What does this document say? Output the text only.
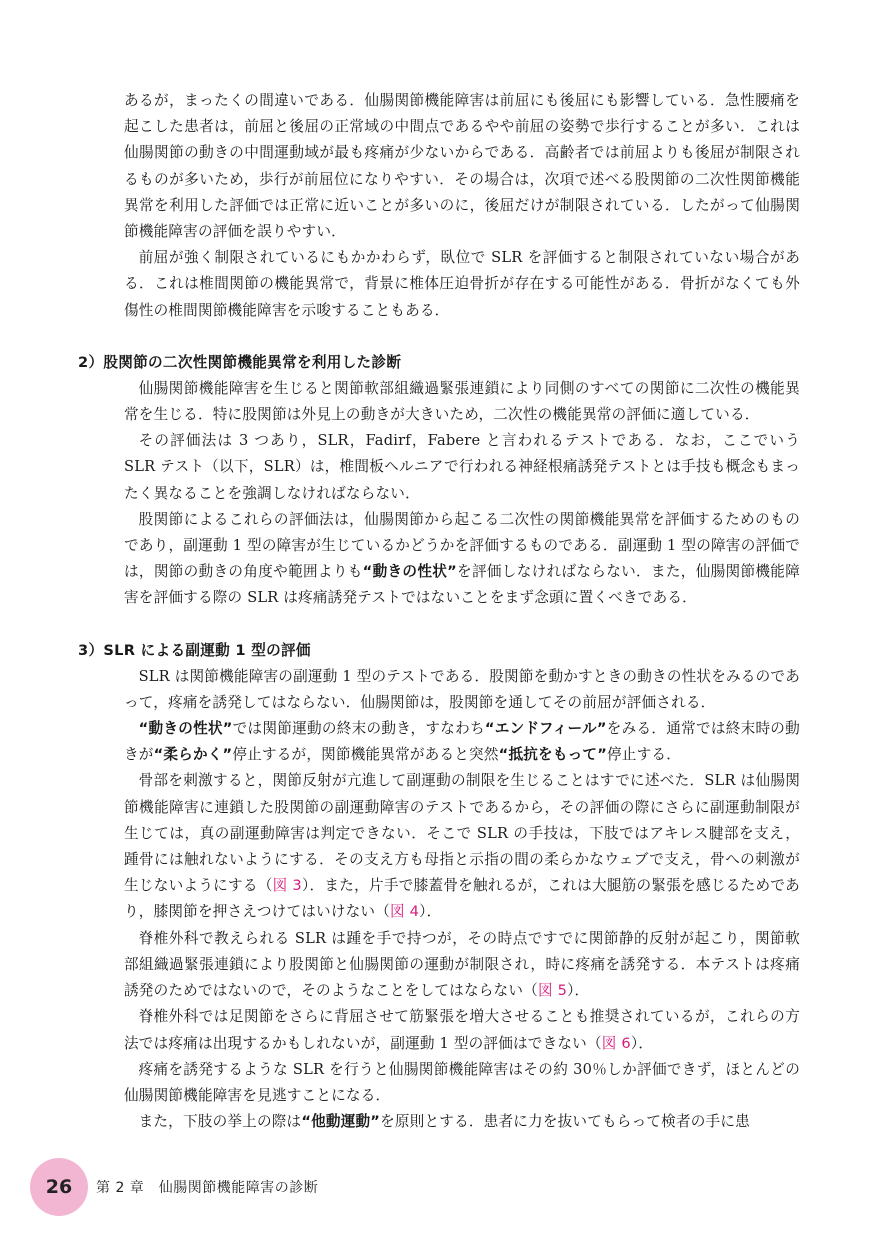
あるが，まったくの間違いである．仙腸関節機能障害は前屈にも後屈にも影響している．急性腰痛を起こした患者は，前屈と後屈の正常域の中間点であるやや前屈の姿勢で歩行することが多い．これは仙腸関節の動きの中間運動域が最も疼痛が少ないからである．高齢者では前屈よりも後屈が制限されるものが多いため，歩行が前屈位になりやすい．その場合は，次項で述べる股関節の二次性関節機能異常を利用した評価では正常に近いことが多いのに，後屈だけが制限されている．したがって仙腸関節機能障害の評価を誤りやすい．

前屈が強く制限されているにもかかわらず，臥位で SLR を評価すると制限されていない場合がある．これは椎間関節の機能異常で，背景に椎体圧迫骨折が存在する可能性がある．骨折がなくても外傷性の椎間関節機能障害を示唆することもある．

2）股関節の二次性関節機能異常を利用した診断

仙腸関節機能障害を生じると関節軟部組織過緊張連鎖により同側のすべての関節に二次性の機能異常を生じる．特に股関節は外見上の動きが大きいため，二次性の機能異常の評価に適している．

その評価法は 3 つあり，SLR，Fadirf，Fabere と言われるテストである．なお，ここでいう SLR テスト（以下，SLR）は，椎間板ヘルニアで行われる神経根痛誘発テストとは手技も概念もまったく異なることを強調しなければならない．

股関節によるこれらの評価法は，仙腸関節から起こる二次性の関節機能異常を評価するためのものであり，副運動 1 型の障害が生じているかどうかを評価するものである．副運動 1 型の障害の評価では，関節の動きの角度や範囲よりも“動きの性状”を評価しなければならない．また，仙腸関節機能障害を評価する際の SLR は疼痛誘発テストではないことをまず念頭に置くべきである．

3）SLR による副運動 1 型の評価

SLR は関節機能障害の副運動 1 型のテストである．股関節を動かすときの動きの性状をみるのであって，疼痛を誘発してはならない．仙腸関節は，股関節を通してその前屈が評価される．

“動きの性状”では関節運動の終末の動き，すなわち“エンドフィール”をみる．通常では終末時の動きが“柔らかく”停止するが，関節機能異常があると突然“抵抗をもって”停止する．

骨部を刺激すると，関節反射が亢進して副運動の制限を生じることはすでに述べた．SLR は仙腸関節機能障害に連鎖した股関節の副運動障害のテストであるから，その評価の際にさらに副運動制限が生じては，真の副運動障害は判定できない．そこで SLR の手技は，下肢ではアキレス腱部を支え，踵骨には触れないようにする．その支え方も母指と示指の間の柔らかなウェブで支え，骨への刺激が生じないようにする（図 3）．また，片手で膝蓋骨を触れるが，これは大腿筋の緊張を感じるためであり，膝関節を押さえつけてはいけない（図 4）．

脊椎外科で教えられる SLR は踵を手で持つが，その時点ですでに関節静的反射が起こり，関節軟部組織過緊張連鎖により股関節と仙腸関節の運動が制限され，時に疼痛を誘発する．本テストは疼痛誘発のためではないので，そのようなことをしてはならない（図 5）．

脊椎外科では足関節をさらに背屈させて筋緊張を増大させることも推奨されているが，これらの方法では疼痛は出現するかもしれないが，副運動 1 型の評価はできない（図 6）．

疼痛を誘発するような SLR を行うと仙腸関節機能障害はその約 30％しか評価できず，ほとんどの仙腸関節機能障害を見逃すことになる．

また，下肢の挙上の際は“他動運動”を原則とする．患者に力を抜いてもらって検者の手に患

26	第 2 章　仙腸関節機能障害の診断
